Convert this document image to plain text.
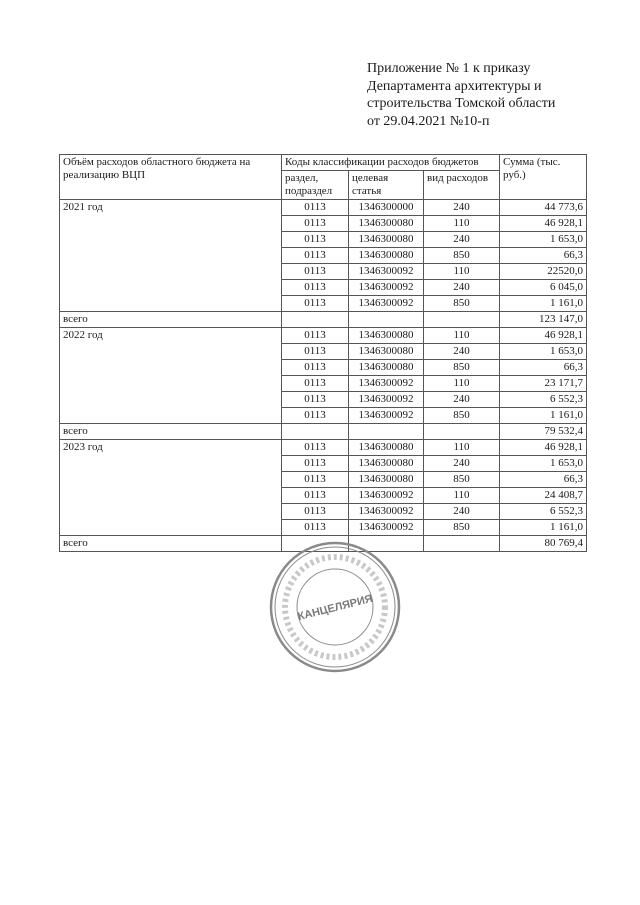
Приложение № 1 к приказу
Департамента архитектуры и
строительства Томской области
от 29.04.2021 №10-п
Объём расходов областного бюджета на реализацию ВЦП	Коды классификации расходов бюджетов			Сумма (тыс. руб.)
	раздел, подраздел	целевая статья	вид расходов	
2021 год	0113	1346300000	240	44 773,6
	0113	1346300080	110	46 928,1
	0113	1346300080	240	1 653,0
	0113	1346300080	850	66,3
	0113	1346300092	110	22520,0
	0113	1346300092	240	6 045,0
	0113	1346300092	850	1 161,0
всего				123 147,0
2022 год	0113	1346300080	110	46 928,1
	0113	1346300080	240	1 653,0
	0113	1346300080	850	66,3
	0113	1346300092	110	23 171,7
	0113	1346300092	240	6 552,3
	0113	1346300092	850	1 161,0
всего				79 532,4
2023 год	0113	1346300080	110	46 928,1
	0113	1346300080	240	1 653,0
	0113	1346300080	850	66,3
	0113	1346300092	110	24 408,7
	0113	1346300092	240	6 552,3
	0113	1346300092	850	1 161,0
всего				80 769,4
КАНЦЕЛЯРИЯ
